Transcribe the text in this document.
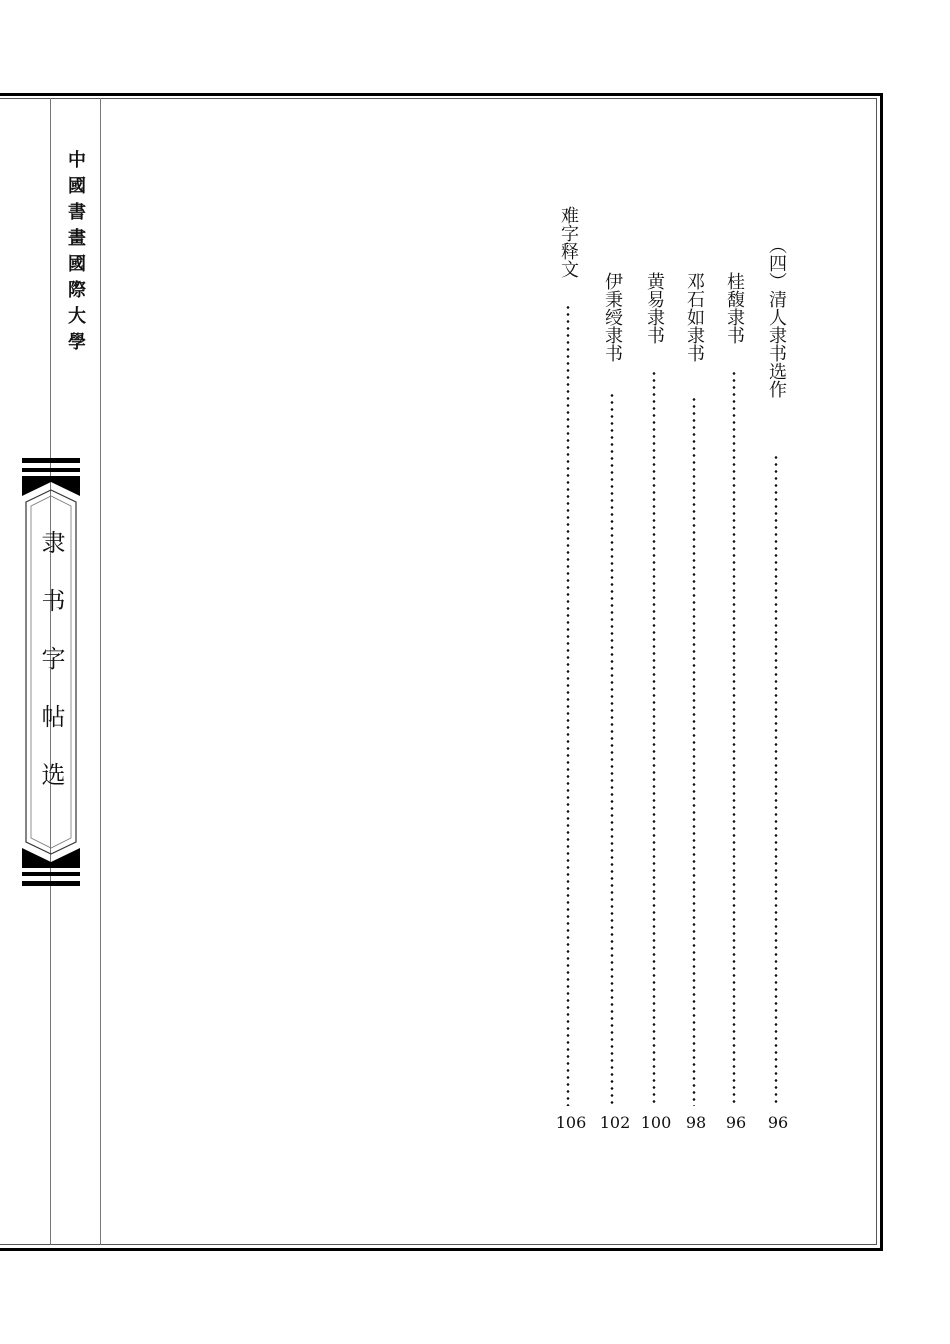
中國書畫國際大學
隶书字帖选
（四）清人隶书选作
96
桂馥隶书
96
邓石如隶书
98
黄易隶书
100
伊秉绶隶书
102
难字释文
106
